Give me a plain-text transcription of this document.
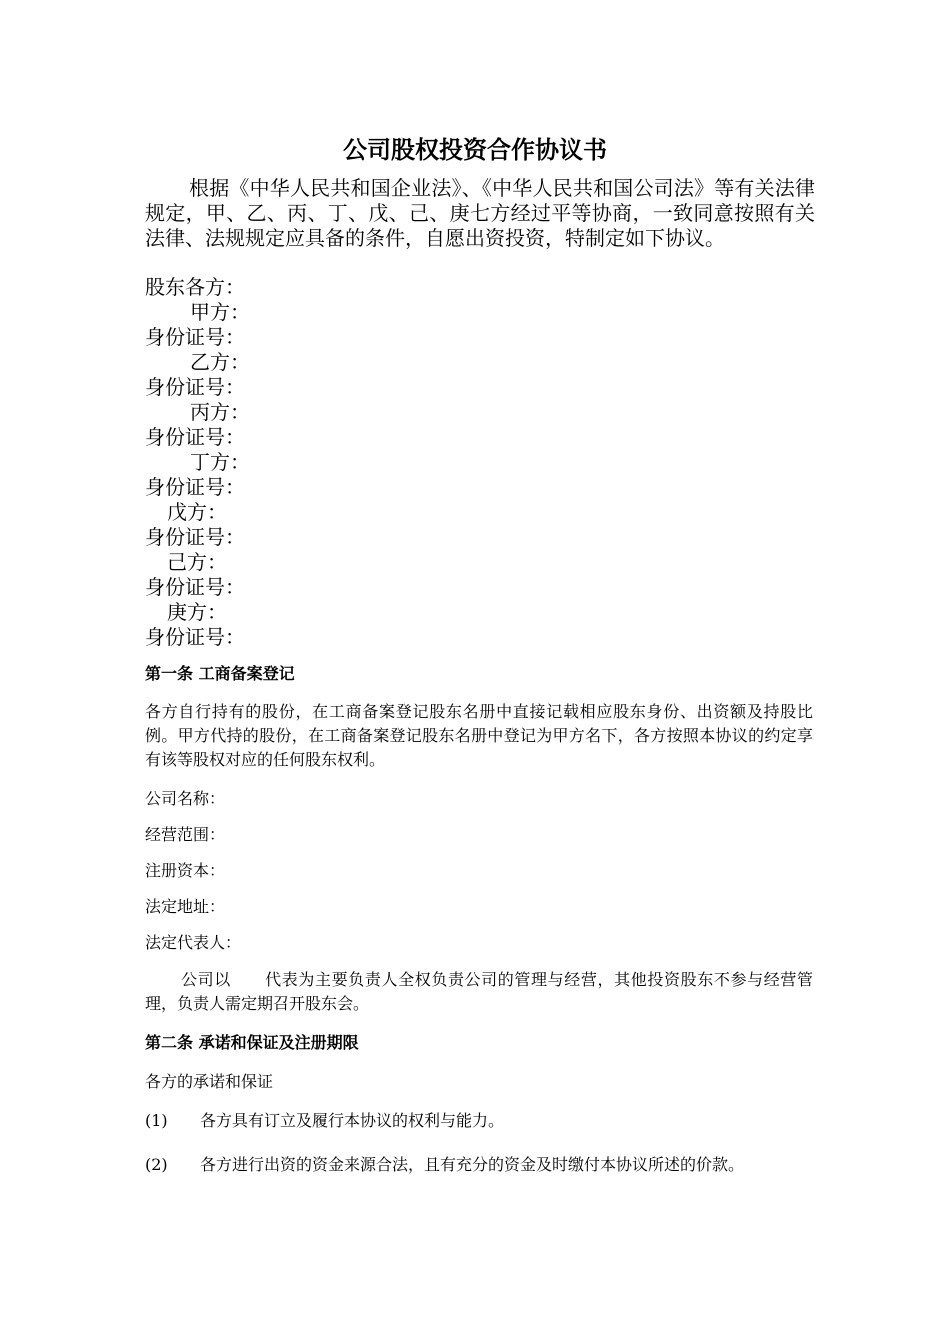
公司股权投资合作协议书
根据《中华人民共和国企业法》、《中华人民共和国公司法》等有关法律规定，甲、乙、丙、丁、戊、己、庚七方经过平等协商，一致同意按照有关法律、法规规定应具备的条件，自愿出资投资，特制定如下协议。
股东各方：
甲方：
身份证号：
乙方：
身份证号：
丙方：
身份证号：
丁方：
身份证号：
戊方：
身份证号：
己方：
身份证号：
庚方：
身份证号：
第一条 工商备案登记
各方自行持有的股份，在工商备案登记股东名册中直接记载相应股东身份、出资额及持股比例。甲方代持的股份，在工商备案登记股东名册中登记为甲方名下，各方按照本协议的约定享有该等股权对应的任何股东权利。
公司名称：
经营范围：
注册资本：
法定地址：
法定代表人：
公司以      代表为主要负责人全权负责公司的管理与经营，其他投资股东不参与经营管理，负责人需定期召开股东会。
第二条 承诺和保证及注册期限
各方的承诺和保证
(1) 各方具有订立及履行本协议的权利与能力。
(2) 各方进行出资的资金来源合法，且有充分的资金及时缴付本协议所述的价款。
